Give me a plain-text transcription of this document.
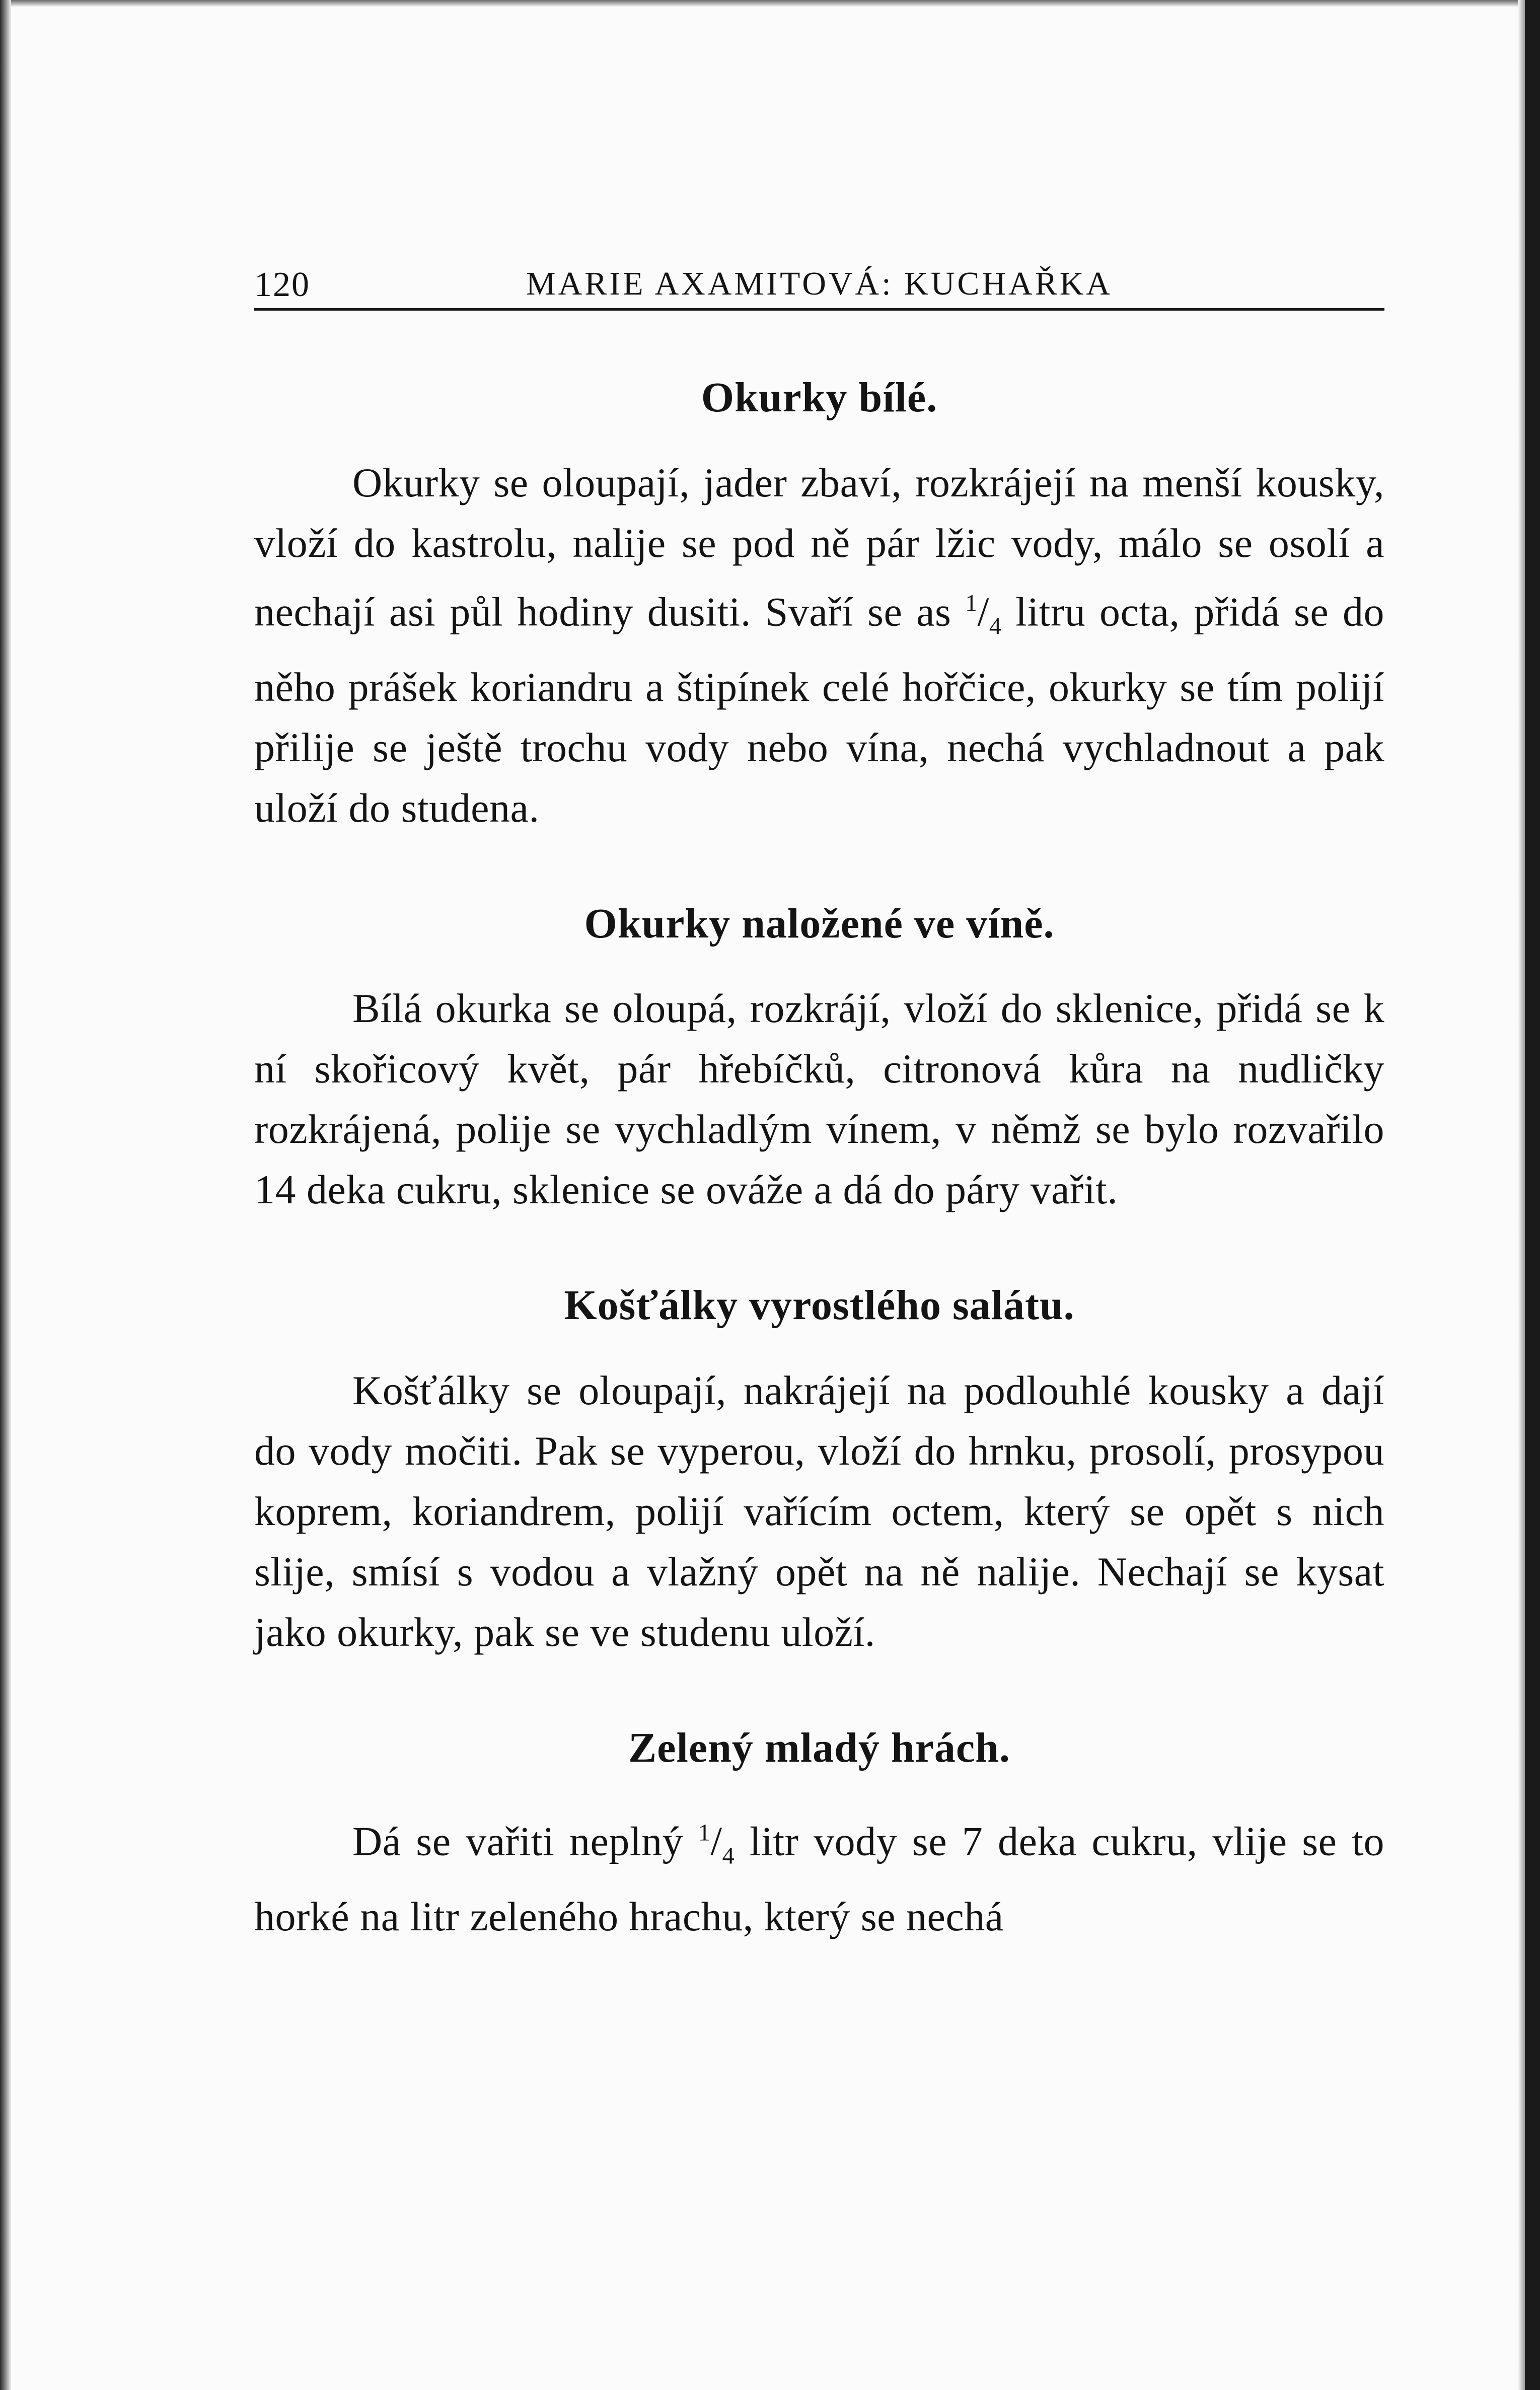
120	MARIE AXAMITOVÁ: KUCHAŘKA
Okurky bílé.

Okurky se oloupají, jader zbaví, rozkrájejí na menší kousky, vloží do kastrolu, nalije se pod ně pár lžic vody, málo se osolí a nechají asi půl hodiny dusiti. Svaří se as $^1/_4$ litru octa, přidá se do něho prášek koriandru a štipínek celé hořčice, okurky se tím polijí přilije se ještě trochu vody nebo vína, nechá vychladnout a pak uloží do studena.

Okurky naložené ve víně.

Bílá okurka se oloupá, rozkrájí, vloží do sklenice, přidá se k ní skořicový květ, pár hřebíčků, citronová kůra na nudličky rozkrájená, polije se vychladlým vínem, v němž se bylo rozvařilo 14 deka cukru, sklenice se ováže a dá do páry vařit.

Košťálky vyrostlého salátu.

Košťálky se oloupají, nakrájejí na podlouhlé kousky a dají do vody močiti. Pak se vyperou, vloží do hrnku, prosolí, prosypou koprem, koriandrem, polijí vařícím octem, který se opět s nich slije, smísí s vodou a vlažný opět na ně nalije. Nechají se kysat jako okurky, pak se ve studenu uloží.

Zelený mladý hrách.

Dá se vařiti neplný $^1/_4$ litr vody se 7 deka cukru, vlije se to horké na litr zeleného hrachu, který se nechá
